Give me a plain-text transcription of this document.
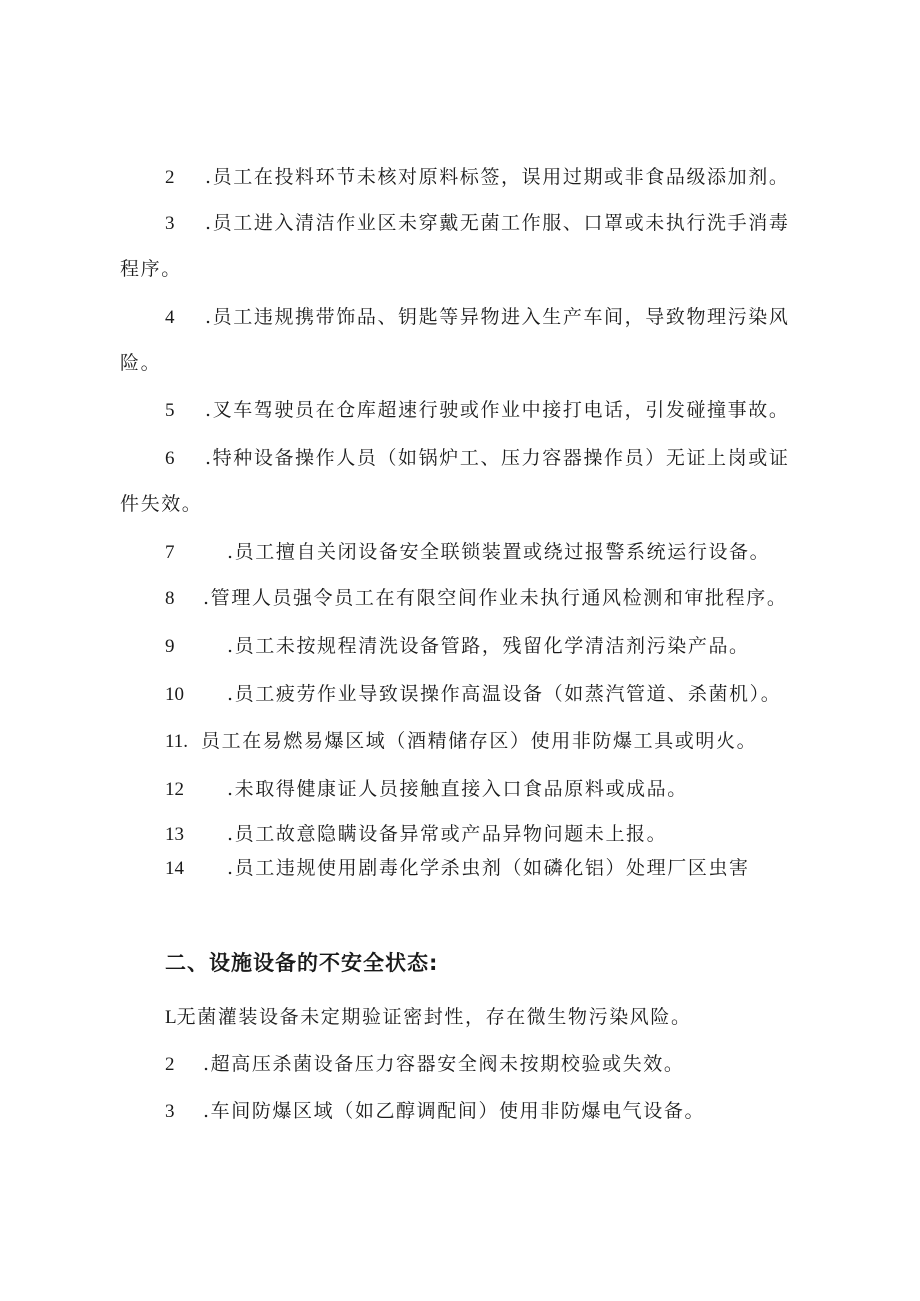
2 .员工在投料环节未核对原料标签，误用过期或非食品级添加剂。
3 .员工进入清洁作业区未穿戴无菌工作服、口罩或未执行洗手消毒
程序。
4 .员工违规携带饰品、钥匙等异物进入生产车间，导致物理污染风
险。
5 .叉车驾驶员在仓库超速行驶或作业中接打电话，引发碰撞事故。
6 .特种设备操作人员（如锅炉工、压力容器操作员）无证上岗或证
件失效。
7	.员工擅自关闭设备安全联锁装置或绕过报警系统运行设备。
8 .管理人员强令员工在有限空间作业未执行通风检测和审批程序。
9	.员工未按规程清洗设备管路，残留化学清洁剂污染产品。
10 .员工疲劳作业导致误操作高温设备（如蒸汽管道、杀菌机）。
11. 员工在易燃易爆区域（酒精储存区）使用非防爆工具或明火。
12 .未取得健康证人员接触直接入口食品原料或成品。
13 .员工故意隐瞒设备异常或产品异物问题未上报。
14 .员工违规使用剧毒化学杀虫剂（如磷化铝）处理厂区虫害
二、设施设备的不安全状态:
L无菌灌装设备未定期验证密封性，存在微生物污染风险。
2 .超高压杀菌设备压力容器安全阀未按期校验或失效。
3 .车间防爆区域（如乙醇调配间）使用非防爆电气设备。
